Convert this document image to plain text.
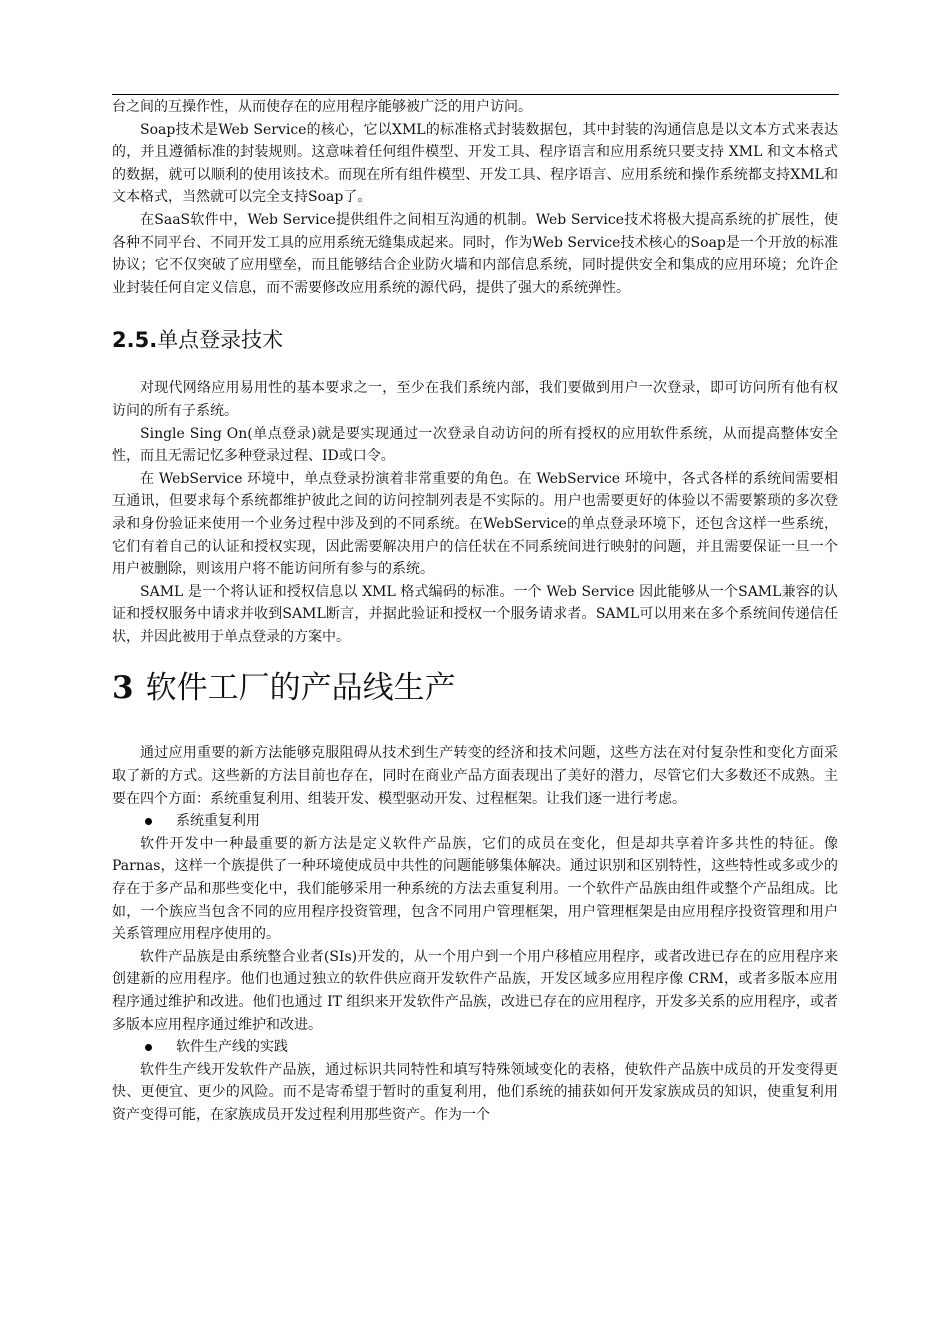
台之间的互操作性，从而使存在的应用程序能够被广泛的用户访问。

Soap技术是Web Service的核心，它以XML的标准格式封装数据包，其中封装的沟通信息是以文本方式来表达的，并且遵循标准的封装规则。这意味着任何组件模型、开发工具、程序语言和应用系统只要支持 XML 和文本格式的数据，就可以顺利的使用该技术。而现在所有组件模型、开发工具、程序语言、应用系统和操作系统都支持XML和文本格式，当然就可以完全支持Soap了。

在SaaS软件中，Web Service提供组件之间相互沟通的机制。Web Service技术将极大提高系统的扩展性，使各种不同平台、不同开发工具的应用系统无缝集成起来。同时，作为Web Service技术核心的Soap是一个开放的标准协议；它不仅突破了应用壁垒，而且能够结合企业防火墙和内部信息系统，同时提供安全和集成的应用环境；允许企业封装任何自定义信息，而不需要修改应用系统的源代码，提供了强大的系统弹性。

2.5.单点登录技术

对现代网络应用易用性的基本要求之一，至少在我们系统内部，我们要做到用户一次登录，即可访问所有他有权访问的所有子系统。

Single Sing On(单点登录)就是要实现通过一次登录自动访问的所有授权的应用软件系统，从而提高整体安全性，而且无需记忆多种登录过程、ID或口令。

在 WebService 环境中，单点登录扮演着非常重要的角色。在 WebService 环境中，各式各样的系统间需要相互通讯，但要求每个系统都维护彼此之间的访问控制列表是不实际的。用户也需要更好的体验以不需要繁琐的多次登录和身份验证来使用一个业务过程中涉及到的不同系统。在WebService的单点登录环境下，还包含这样一些系统，它们有着自己的认证和授权实现，因此需要解决用户的信任状在不同系统间进行映射的问题，并且需要保证一旦一个用户被删除，则该用户将不能访问所有参与的系统。

SAML 是一个将认证和授权信息以 XML 格式编码的标准。一个 Web Service 因此能够从一个SAML兼容的认证和授权服务中请求并收到SAML断言，并据此验证和授权一个服务请求者。SAML可以用来在多个系统间传递信任状，并因此被用于单点登录的方案中。

3 软件工厂的产品线生产

通过应用重要的新方法能够克服阻碍从技术到生产转变的经济和技术问题，这些方法在对付复杂性和变化方面采取了新的方式。这些新的方法目前也存在，同时在商业产品方面表现出了美好的潜力，尽管它们大多数还不成熟。主要在四个方面：系统重复利用、组装开发、模型驱动开发、过程框架。让我们逐一进行考虑。

系统重复利用

软件开发中一种最重要的新方法是定义软件产品族，它们的成员在变化，但是却共享着许多共性的特征。像 Parnas，这样一个族提供了一种环境使成员中共性的问题能够集体解决。通过识别和区别特性，这些特性或多或少的存在于多产品和那些变化中，我们能够采用一种系统的方法去重复利用。一个软件产品族由组件或整个产品组成。比如，一个族应当包含不同的应用程序投资管理，包含不同用户管理框架，用户管理框架是由应用程序投资管理和用户关系管理应用程序使用的。

软件产品族是由系统整合业者(SIs)开发的，从一个用户到一个用户移植应用程序，或者改进已存在的应用程序来创建新的应用程序。他们也通过独立的软件供应商开发软件产品族，开发区域多应用程序像 CRM，或者多版本应用程序通过维护和改进。他们也通过 IT 组织来开发软件产品族，改进已存在的应用程序，开发多关系的应用程序，或者多版本应用程序通过维护和改进。

软件生产线的实践

软件生产线开发软件产品族，通过标识共同特性和填写特殊领域变化的表格，使软件产品族中成员的开发变得更快、更便宜、更少的风险。而不是寄希望于暂时的重复利用，他们系统的捕获如何开发家族成员的知识，使重复利用资产变得可能，在家族成员开发过程利用那些资产。作为一个
